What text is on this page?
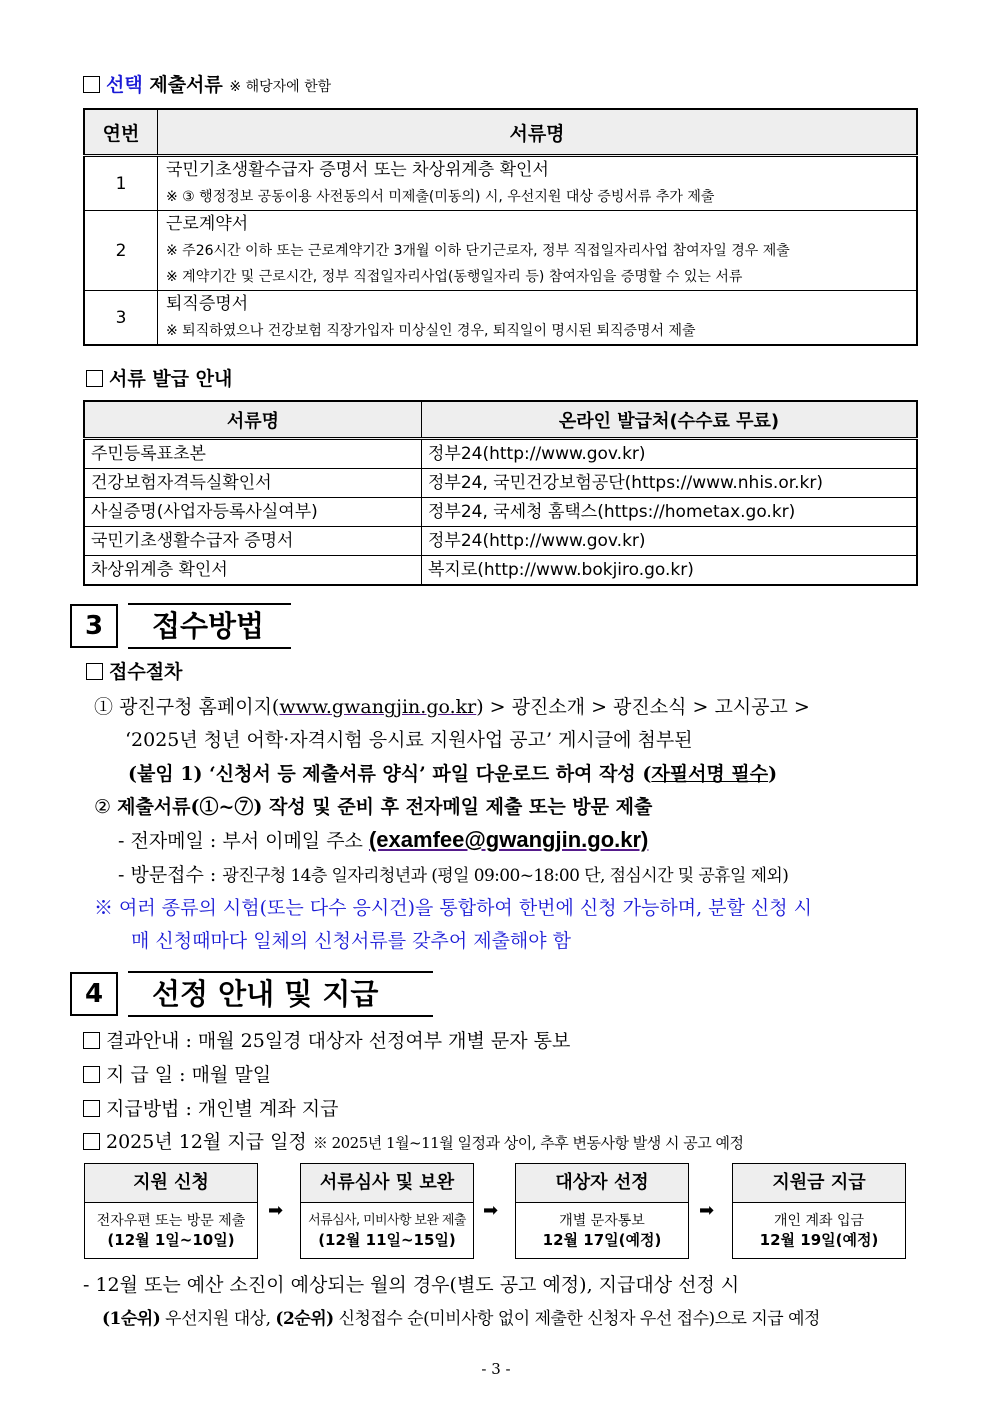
선택 제출서류 ※ 해당자에 한함
연번	서류명
1	국민기초생활수급자 증명서 또는 차상위계층 확인서
※ ③ 행정정보 공동이용 사전동의서 미제출(미동의) 시, 우선지원 대상 증빙서류 추가 제출

2	근로계약서
※ 주26시간 이하 또는 근로계약기간 3개월 이하 단기근로자, 정부 직접일자리사업 참여자일 경우 제출
※ 계약기간 및 근로시간, 정부 직접일자리사업(동행일자리 등) 참여자임을 증명할 수 있는 서류

3	퇴직증명서
※ 퇴직하였으나 건강보험 직장가입자 미상실인 경우, 퇴직일이 명시된 퇴직증명서 제출
서류 발급 안내
서류명	온라인 발급처(수수료 무료)
주민등록표초본	정부24(http://www.gov.kr)
건강보험자격득실확인서	정부24, 국민건강보험공단(https://www.nhis.or.kr)
사실증명(사업자등록사실여부)	정부24, 국세청 홈택스(https://hometax.go.kr)
국민기초생활수급자 증명서	정부24(http://www.gov.kr)
차상위계층 확인서	복지로(http://www.bokjiro.go.kr)
3	접수방법
접수절차
① 광진구청 홈페이지(www.gwangjin.go.kr) > 광진소개 > 광진소식 > 고시공고 >
‘2025년 청년 어학·자격시험 응시료 지원사업 공고’ 게시글에 첨부된
(붙임 1) ‘신청서 등 제출서류 양식’ 파일 다운로드 하여 작성 (자필서명 필수)
② 제출서류(①~⑦) 작성 및 준비 후 전자메일 제출 또는 방문 제출
- 전자메일 : 부서 이메일 주소 (examfee@gwangjin.go.kr)
- 방문접수 : 광진구청 14층 일자리청년과 (평일 09:00~18:00 단, 점심시간 및 공휴일 제외)
※ 여러 종류의 시험(또는 다수 응시건)을 통합하여 한번에 신청 가능하며, 분할 신청 시
매 신청때마다 일체의 신청서류를 갖추어 제출해야 함
4	선정 안내 및 지급
결과안내 : 매월 25일경 대상자 선정여부 개별 문자 통보
지 급 일 : 매월 말일
지급방법 : 개인별 계좌 지급
2025년 12월 지급 일정 ※ 2025년 1월~11월 일정과 상이, 추후 변동사항 발생 시 공고 예정
지원 신청
전자우편 또는 방문 제출
(12월 1일~10일)
➡
서류심사 및 보완
서류심사, 미비사항 보완 제출
(12월 11일~15일)
➡
대상자 선정
개별 문자통보
12월 17일(예정)
➡
지원금 지급
개인 계좌 입금
12월 19일(예정)
- 12월 또는 예산 소진이 예상되는 월의 경우(별도 공고 예정), 지급대상 선정 시
(1순위) 우선지원 대상, (2순위) 신청접수 순(미비사항 없이 제출한 신청자 우선 접수)으로 지급 예정
- 3 -
